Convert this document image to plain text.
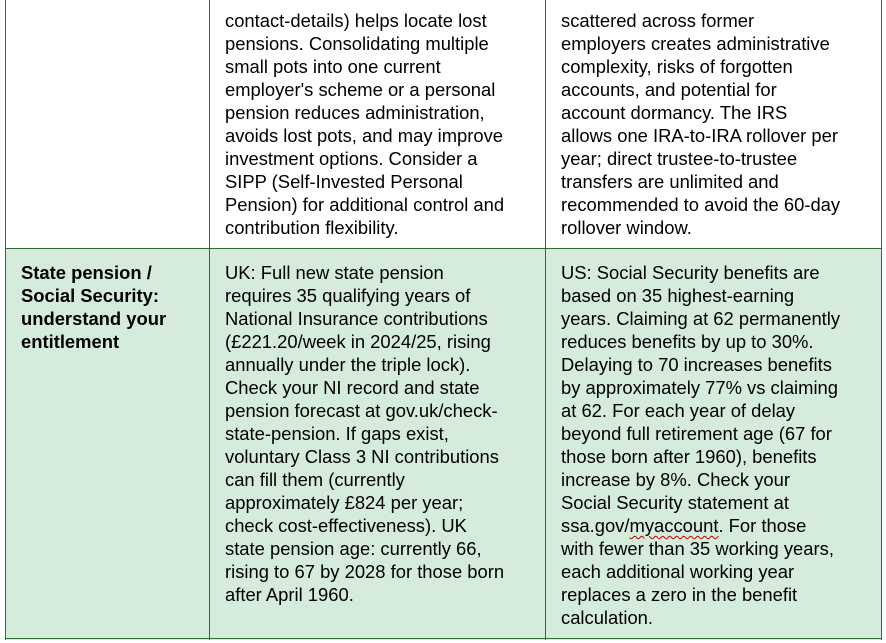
contact-details) helps locate lost
pensions. Consolidating multiple
small pots into one current
employer's scheme or a personal
pension reduces administration,
avoids lost pots, and may improve
investment options. Consider a
SIPP (Self-Invested Personal
Pension) for additional control and
contribution flexibility.
scattered across former
employers creates administrative
complexity, risks of forgotten
accounts, and potential for
account dormancy. The IRS
allows one IRA-to-IRA rollover per
year; direct trustee-to-trustee
transfers are unlimited and
recommended to avoid the 60-day
rollover window.
State pension /
Social Security:
understand your
entitlement
UK: Full new state pension
requires 35 qualifying years of
National Insurance contributions
(£221.20/week in 2024/25, rising
annually under the triple lock).
Check your NI record and state
pension forecast at gov.uk/check-
state-pension. If gaps exist,
voluntary Class 3 NI contributions
can fill them (currently
approximately £824 per year;
check cost-effectiveness). UK
state pension age: currently 66,
rising to 67 by 2028 for those born
after April 1960.
US: Social Security benefits are
based on 35 highest-earning
years. Claiming at 62 permanently
reduces benefits by up to 30%.
Delaying to 70 increases benefits
by approximately 77% vs claiming
at 62. For each year of delay
beyond full retirement age (67 for
those born after 1960), benefits
increase by 8%. Check your
Social Security statement at
ssa.gov/myaccount. For those
with fewer than 35 working years,
each additional working year
replaces a zero in the benefit
calculation.
